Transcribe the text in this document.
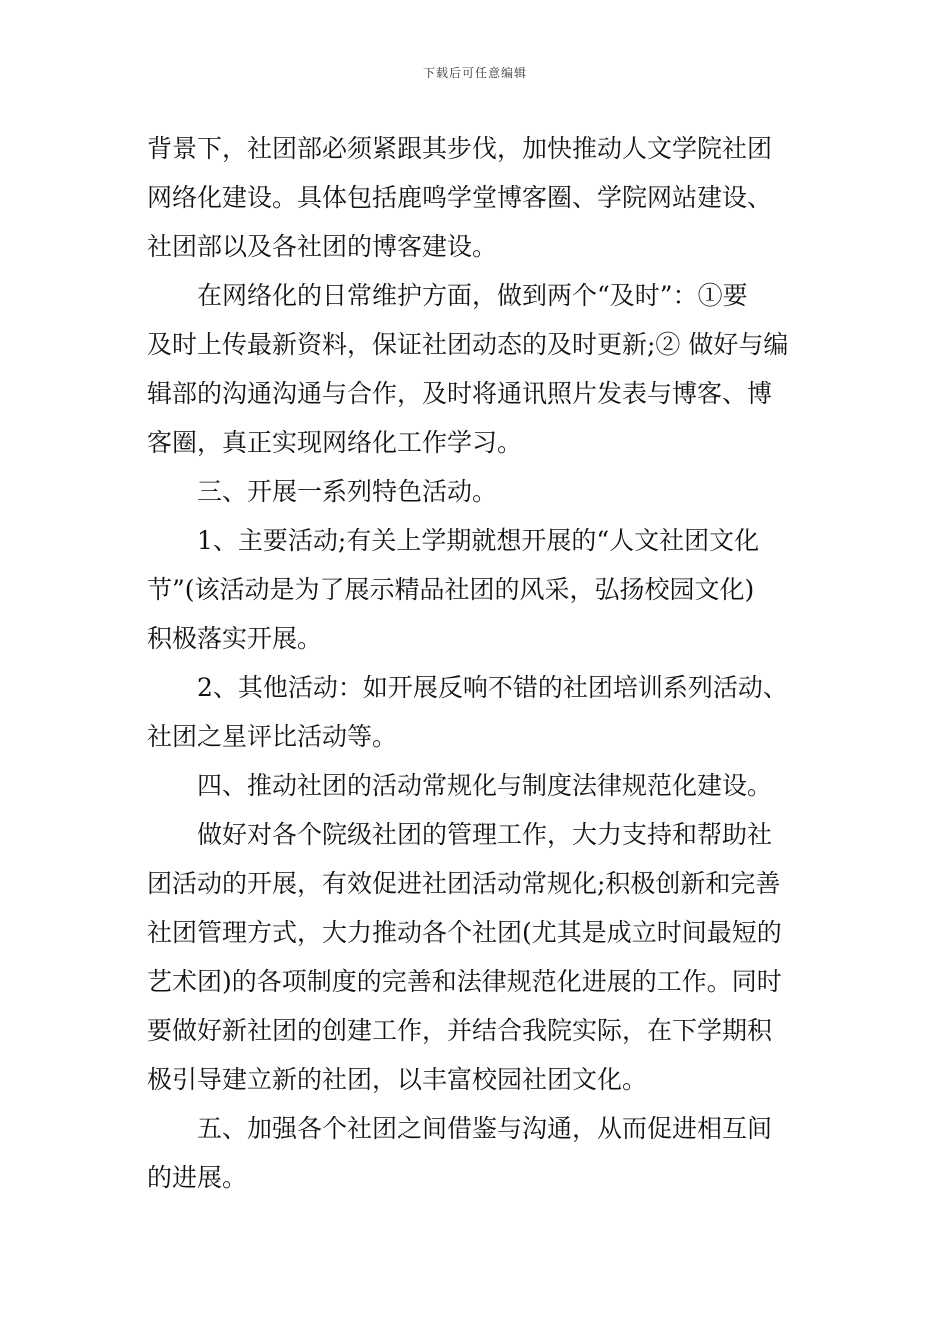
下载后可任意编辑
背景下，社团部必须紧跟其步伐，加快推动人文学院社团
网络化建设。具体包括鹿鸣学堂博客圈、学院网站建设、
社团部以及各社团的博客建设。
在网络化的日常维护方面，做到两个“及时”：①要
及时上传最新资料，保证社团动态的及时更新;② 做好与编
辑部的沟通沟通与合作，及时将通讯照片发表与博客、博
客圈，真正实现网络化工作学习。
三、开展一系列特色活动。
1、主要活动;有关上学期就想开展的“人文社团文化
节”(该活动是为了展示精品社团的风采，弘扬校园文化)
积极落实开展。
2、其他活动：如开展反响不错的社团培训系列活动、
社团之星评比活动等。
四、推动社团的活动常规化与制度法律规范化建设。
做好对各个院级社团的管理工作，大力支持和帮助社
团活动的开展，有效促进社团活动常规化;积极创新和完善
社团管理方式，大力推动各个社团(尤其是成立时间最短的
艺术团)的各项制度的完善和法律规范化进展的工作。同时
要做好新社团的创建工作，并结合我院实际，在下学期积
极引导建立新的社团，以丰富校园社团文化。
五、加强各个社团之间借鉴与沟通，从而促进相互间
的进展。
